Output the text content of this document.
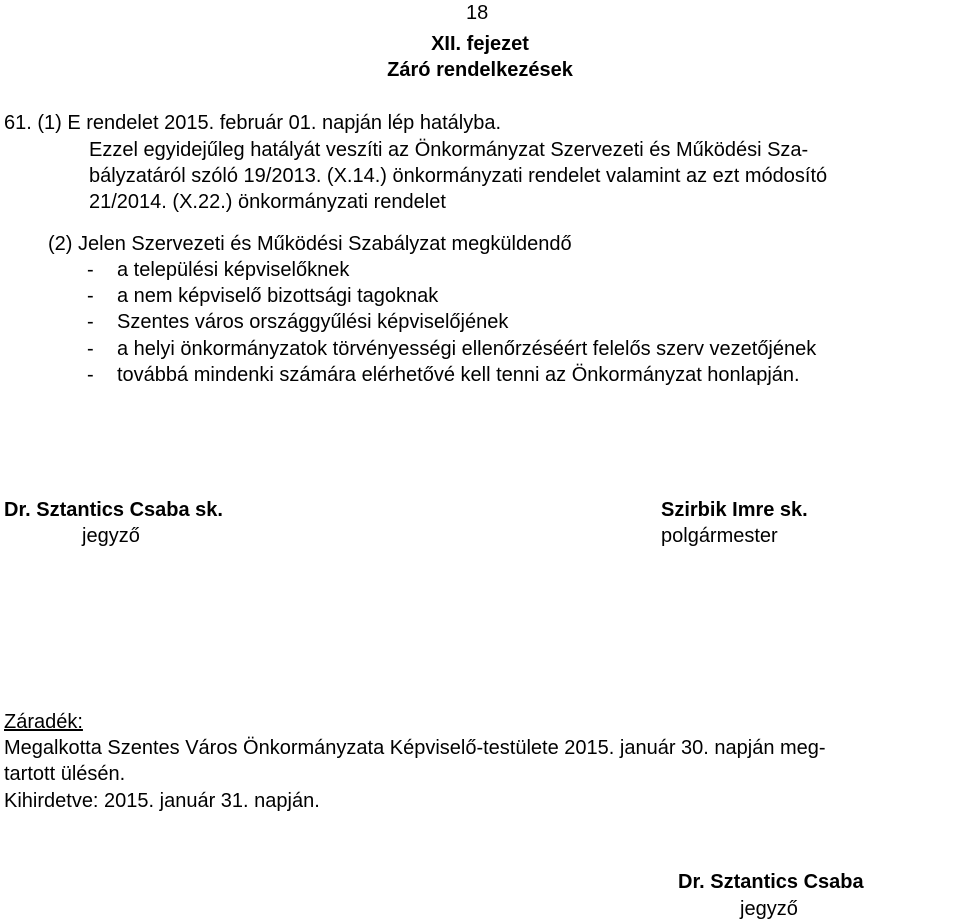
18
XII. fejezet
Záró rendelkezések
61. (1) E rendelet 2015. február 01. napján lép hatályba.
Ezzel egyidejűleg hatályát veszíti az Önkormányzat Szervezeti és Működési Sza-
bályzatáról szóló 19/2013. (X.14.) önkormányzati rendelet valamint az ezt módosító
21/2014. (X.22.) önkormányzati rendelet
(2) Jelen Szervezeti és Működési Szabályzat megküldendő
- a települési képviselőknek
- a nem képviselő bizottsági tagoknak
- Szentes város országgyűlési képviselőjének
- a helyi önkormányzatok törvényességi ellenőrzéséért felelős szerv vezetőjének
- továbbá mindenki számára elérhetővé kell tenni az Önkormányzat honlapján.
Dr. Sztantics Csaba sk.
jegyző
Szirbik Imre sk.
polgármester
Záradék:
Megalkotta Szentes Város Önkormányzata Képviselő-testülete 2015. január 30. napján meg-
tartott ülésén.
Kihirdetve: 2015. január 31. napján.
Dr. Sztantics Csaba
jegyző
